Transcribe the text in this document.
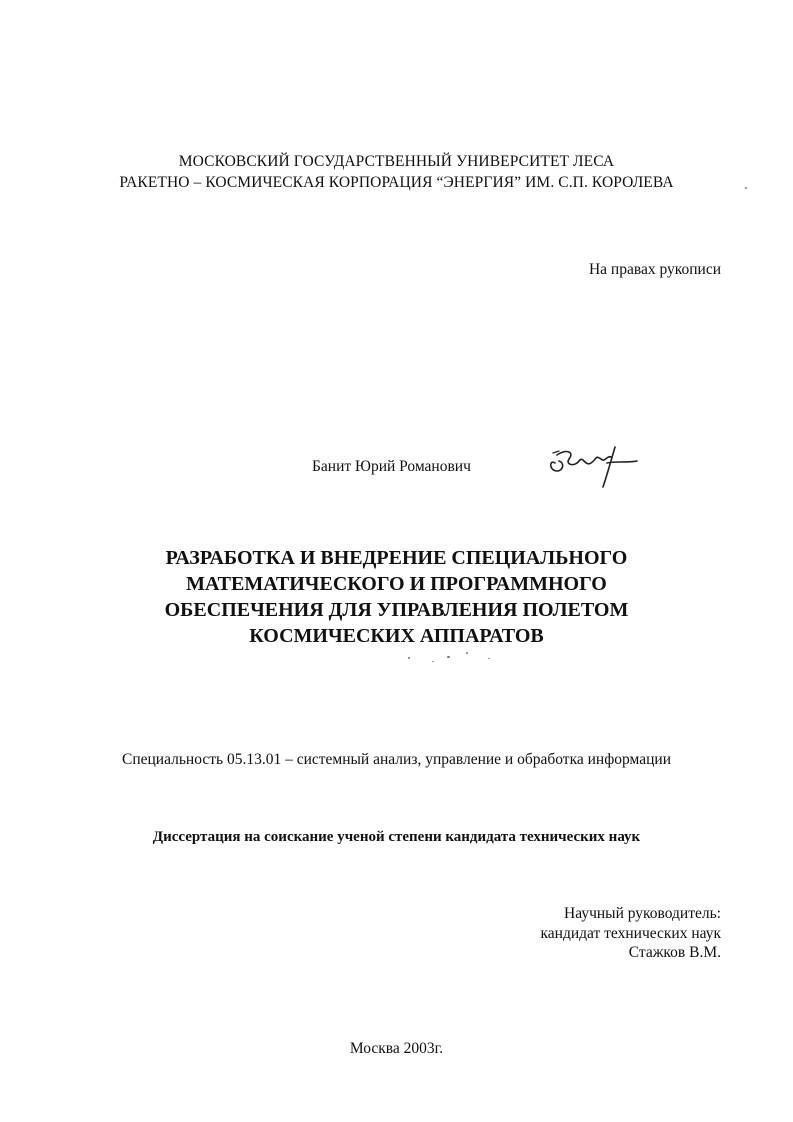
МОСКОВСКИЙ ГОСУДАРСТВЕННЫЙ УНИВЕРСИТЕТ ЛЕСА
РАКЕТНО – КОСМИЧЕСКАЯ КОРПОРАЦИЯ “ЭНЕРГИЯ” ИМ. С.П. КОРОЛЕВА
На правах рукописи
Банит Юрий Романович
РАЗРАБОТКА И ВНЕДРЕНИЕ СПЕЦИАЛЬНОГО
МАТЕМАТИЧЕСКОГО И ПРОГРАММНОГО
ОБЕСПЕЧЕНИЯ ДЛЯ УПРАВЛЕНИЯ ПОЛЕТОМ
КОСМИЧЕСКИХ АППАРАТОВ
Специальность 05.13.01 – системный анализ, управление и обработка информации
Диссертация на соискание ученой степени кандидата технических наук
Научный руководитель:
кандидат технических наук
Стажков В.М.
Москва 2003г.
